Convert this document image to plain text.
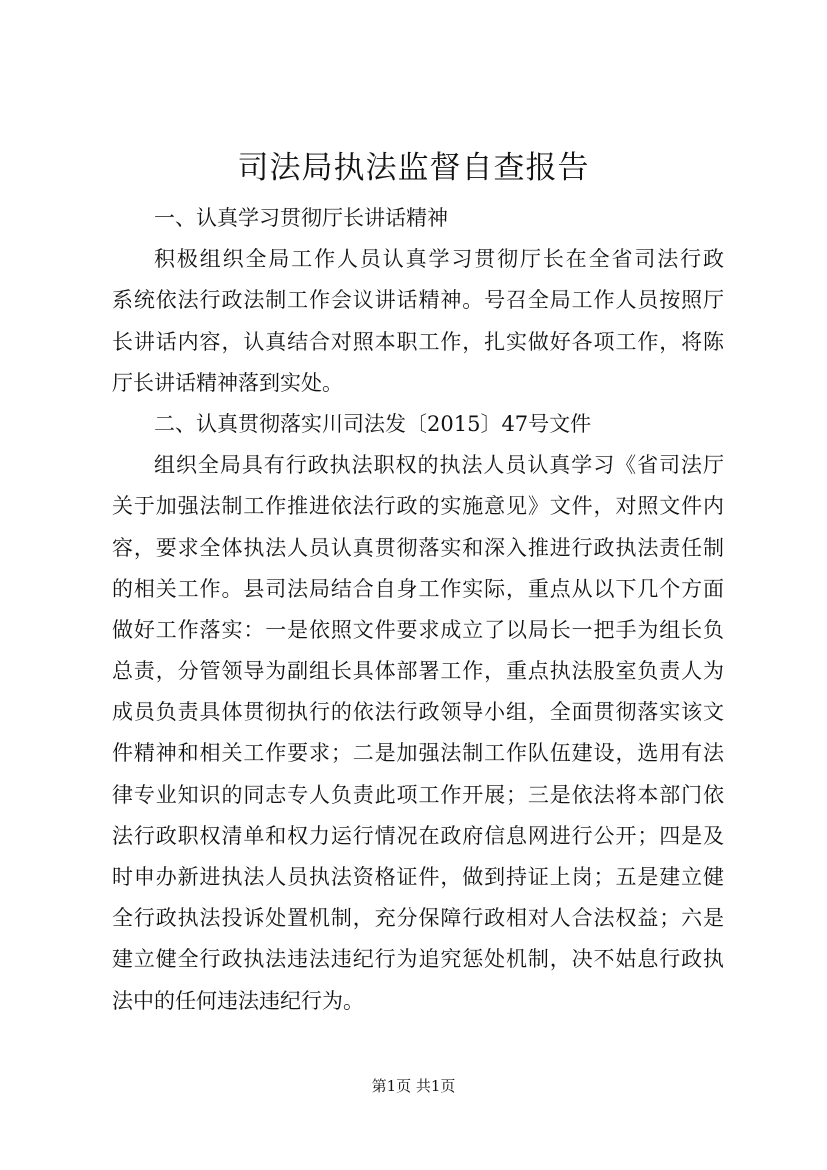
司法局执法监督自查报告
一、认真学习贯彻厅长讲话精神
积极组织全局工作人员认真学习贯彻厅长在全省司法行政
系统依法行政法制工作会议讲话精神。号召全局工作人员按照厅
长讲话内容，认真结合对照本职工作，扎实做好各项工作，将陈
厅长讲话精神落到实处。
二、认真贯彻落实川司法发〔2015〕47号文件
组织全局具有行政执法职权的执法人员认真学习《省司法厅
关于加强法制工作推进依法行政的实施意见》文件，对照文件内
容，要求全体执法人员认真贯彻落实和深入推进行政执法责任制
的相关工作。县司法局结合自身工作实际，重点从以下几个方面
做好工作落实：一是依照文件要求成立了以局长一把手为组长负
总责，分管领导为副组长具体部署工作，重点执法股室负责人为
成员负责具体贯彻执行的依法行政领导小组，全面贯彻落实该文
件精神和相关工作要求；二是加强法制工作队伍建设，选用有法
律专业知识的同志专人负责此项工作开展；三是依法将本部门依
法行政职权清单和权力运行情况在政府信息网进行公开；四是及
时申办新进执法人员执法资格证件，做到持证上岗；五是建立健
全行政执法投诉处置机制，充分保障行政相对人合法权益；六是
建立健全行政执法违法违纪行为追究惩处机制，决不姑息行政执
法中的任何违法违纪行为。
第1页 共1页
